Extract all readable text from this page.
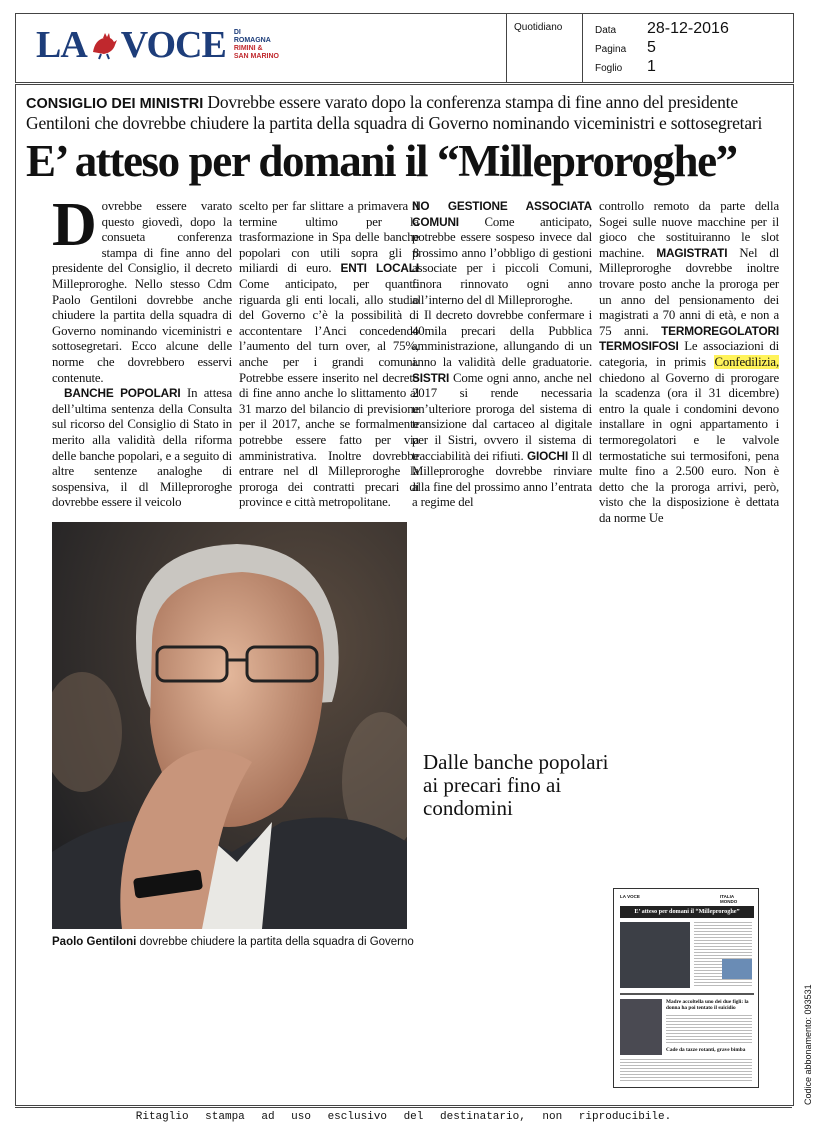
LA VOCE DI
ROMAGNA
RIMINI &
SAN MARINO
Quotidiano	Data	28-12-2016
Pagina	5
Foglio	1
CONSIGLIO DEI MINISTRI Dovrebbe essere varato dopo la conferenza stampa di fine anno del presidente Gentiloni che dovrebbe chiudere la partita della squadra di Governo nominando viceministri e sottosegretari
E’ atteso per domani il “Milleproroghe”

Dovrebbe essere varato questo giovedì, dopo la consueta conferenza stampa di fine anno del presidente del Consiglio, il decreto Milleproroghe. Nello stesso Cdm Paolo Gentiloni dovrebbe anche chiudere la partita della squadra di Governo nominando viceministri e sottosegretari. Ecco alcune delle norme che dovrebbero esservi contenute.

BANCHE POPOLARI In attesa dell’ultima sentenza della Consulta sul ricorso del Consiglio di Stato in merito alla validità della riforma delle banche popolari, e a seguito di altre sentenze analoghe di sospensiva, il dl Milleproroghe dovrebbe essere il veicolo

scelto per far slittare a primavera il termine ultimo per la trasformazione in Spa delle banche popolari con utili sopra gli 8 miliardi di euro. ENTI LOCALI Come anticipato, per quanto riguarda gli enti locali, allo studio del Governo c’è la possibilità di accontentare l’Anci concedendo l’aumento del turn over, al 75%, anche per i grandi comuni. Potrebbe essere inserito nel decreto di fine anno anche lo slittamento al 31 marzo del bilancio di previsione per il 2017, anche se formalmente potrebbe essere fatto per via amministrativa. Inoltre dovrebbe entrare nel dl Milleproroghe la proroga dei contratti precari di province e città metropolitane.

NO GESTIONE ASSOCIATA COMUNI Come anticipato, potrebbe essere sospeso invece dal prossimo anno l’obbligo di gestioni associate per i piccoli Comuni, finora rinnovato ogni anno all’interno del dl Milleproroghe.

Il decreto dovrebbe confermare i 40mila precari della Pubblica amministrazione, allungando di un anno la validità delle graduatorie. SISTRI Come ogni anno, anche nel 2017 si rende necessaria un’ulteriore proroga del sistema di transizione dal cartaceo al digitale per il Sistri, ovvero il sistema di tracciabilità dei rifiuti. GIOCHI Il dl Milleproroghe dovrebbe rinviare alla fine del prossimo anno l’entrata a regime del

controllo remoto da parte della Sogei sulle nuove macchine per il gioco che sostituiranno le slot machine. MAGISTRATI Nel dl Milleproroghe dovrebbe inoltre trovare posto anche la proroga per un anno del pensionamento dei magistrati a 70 anni di età, e non a 75 anni. TERMOREGOLATORI TERMOSIFOSI Le associazioni di categoria, in primis Confedilizia, chiedono al Governo di prorogare la scadenza (ora il 31 dicembre) entro la quale i condomini devono installare in ogni appartamento i termoregolatori e le valvole termostatiche sui termosifoni, pena multe fino a 2.500 euro. Non è detto che la proroga arrivi, però, visto che la disposizione è dettata da norme Ue

Paolo Gentiloni dovrebbe chiudere la partita della squadra di Governo
Dalle banche popolari ai precari fino ai condomini
LA VOCE	ITALIA MONDO
E’ atteso per domani il “Milleproroghe”
Madre accoltella uno dei due figli: la donna ha poi tentato il suicidio
Cade da tazze rotanti, grave bimba	Codice abbonamento: 093531
Ritaglio stampa ad uso esclusivo del destinatario, non riproducibile.
